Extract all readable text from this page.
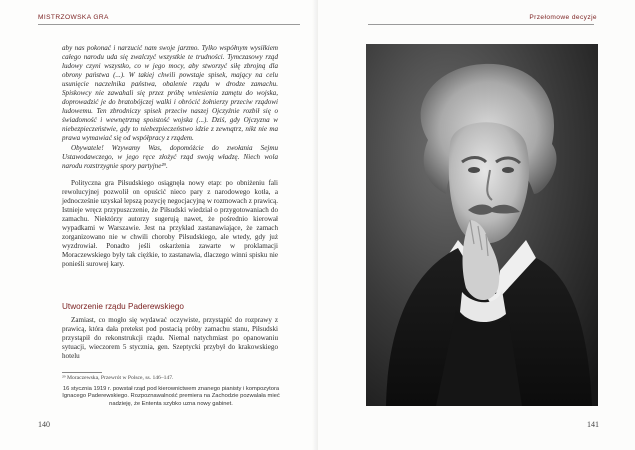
MISTRZOWSKA GRA

aby nas pokonać i narzucić nam swoje jarzmo. Tylko współnym wysiłkiem całego narodu uda się zwalczyć wszystkie te trudności. Tymczasowy rząd ludowy czyni wszystko, co w jego mocy, aby stworzyć siłę zbrojną dla obrony państwa (...). W takiej chwili powstaje spisek, mający na celu usunięcie naczelnika państwa, obalenie rządu w drodze zamachu. Spiskowcy nie zawahali się przez próbę wniesienia zamętu do wojska, doprowadzić je do bratobójczej walki i obrócić żołnierzy przeciw rządowi ludowemu. Ten zbrodniczy spisek przeciw naszej Ojczyźnie rozbił się o świadomość i wewnętrzną spoistość wojska (...). Dziś, gdy Ojczyzna w niebezpieczeństwie, gdy to niebezpieczeństwo idzie z zewnątrz, nikt nie ma prawa wymawiać się od współpracy z rządem.

Obywatele! Wzywamy Was, dopomóżcie do zwołania Sejmu Ustawodawczego, w jego ręce złożyć rząd swoją władzę. Niech wola narodu rozstrzygnie spory partyjne²⁹.

Polityczna gra Piłsudskiego osiągnęła nowy etap: po obniżeniu fali rewolucyjnej pozwolił on opuścić nieco pary z narodowego kotła, a jednocześnie uzyskał lepszą pozycję negocjacyjną w rozmowach z prawicą. Istnieje wręcz przypuszczenie, że Piłsudski wiedział o przygotowaniach do zamachu. Niektórzy autorzy sugerują nawet, że pośrednio kierował wypadkami w Warszawie. Jest na przykład zastanawiające, że zamach zorganizowano nie w chwili choroby Piłsudskiego, ale wtedy, gdy już wyzdrowiał. Ponadto jeśli oskarżenia zawarte w proklamacji Moraczewskiego były tak ciężkie, to zastanawia, dlaczego winni spisku nie ponieśli surowej kary.

Utworzenie rządu Paderewskiego

Zamiast, co mogło się wydawać oczywiste, przystąpić do rozprawy z prawicą, która dała pretekst pod postacią próby zamachu stanu, Piłsudski przystąpił do rekonstrukcji rządu. Niemal natychmiast po opanowaniu sytuacji, wieczorem 5 stycznia, gen. Szeptycki przybył do krakowskiego hotelu

²⁹ Moraczewska, Przewrót w Polsce, ss. 146–147.
16 stycznia 1919 r. powstał rząd pod kierownictwem znanego pianisty i kompozytora Ignacego Paderewskiego. Rozpoznawalność premiera na Zachodzie pozwalała mieć nadzieję, że Ententa szybko uzna nowy gabinet.
140
Przełomowe decyzje
141
